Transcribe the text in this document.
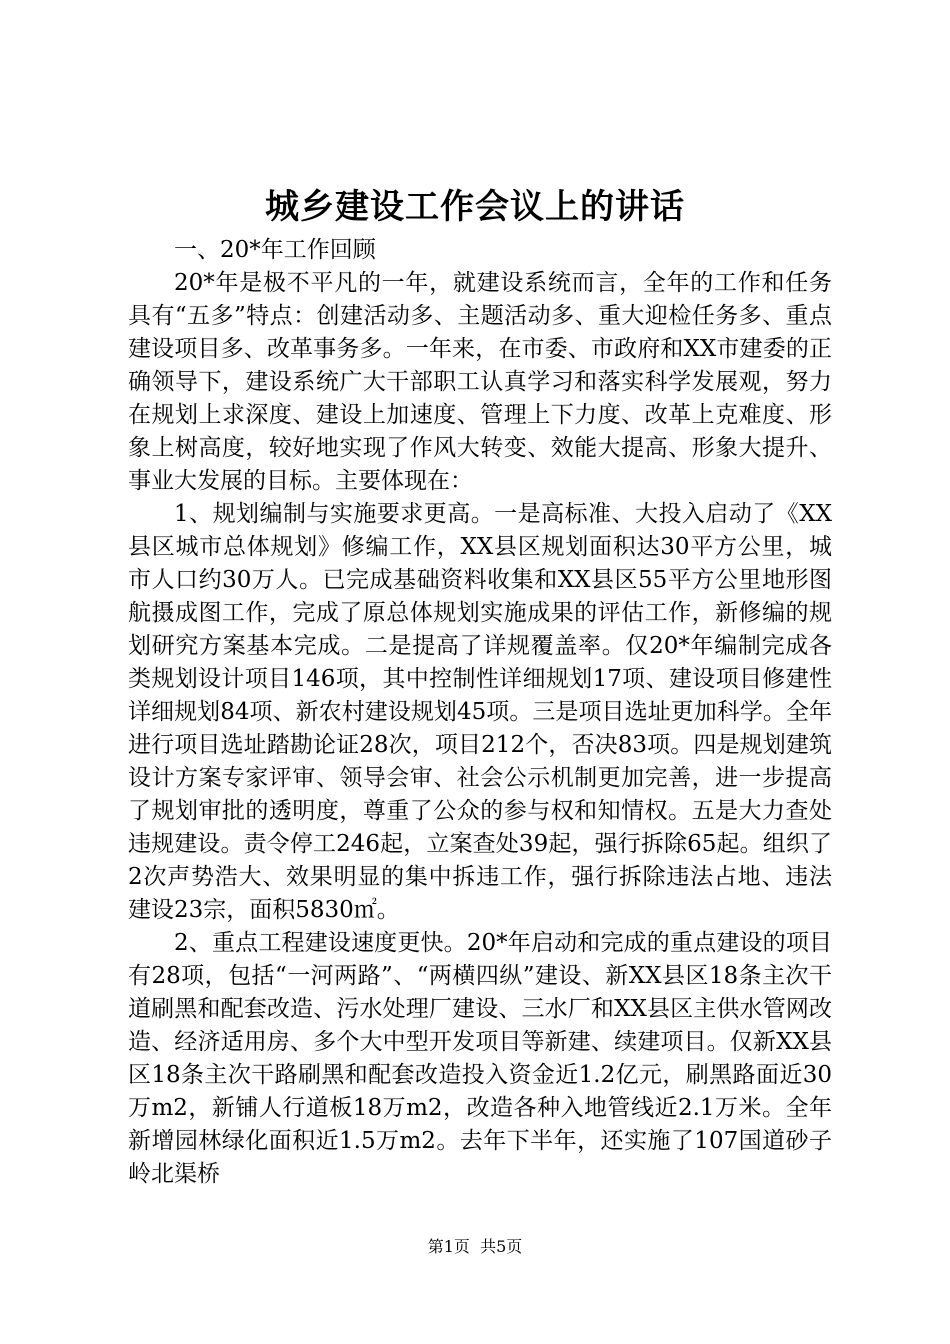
城乡建设工作会议上的讲话

一、20*年工作回顾

20*年是极不平凡的一年，就建设系统而言，全年的工作和任务具有“五多”特点：创建活动多、主题活动多、重大迎检任务多、重点建设项目多、改革事务多。一年来，在市委、市政府和XX市建委的正确领导下，建设系统广大干部职工认真学习和落实科学发展观，努力在规划上求深度、建设上加速度、管理上下力度、改革上克难度、形象上树高度，较好地实现了作风大转变、效能大提高、形象大提升、事业大发展的目标。主要体现在：

1、规划编制与实施要求更高。一是高标准、大投入启动了《XX县区城市总体规划》修编工作，XX县区规划面积达30平方公里，城市人口约30万人。已完成基础资料收集和XX县区55平方公里地形图航摄成图工作，完成了原总体规划实施成果的评估工作，新修编的规划研究方案基本完成。二是提高了详规覆盖率。仅20*年编制完成各类规划设计项目146项，其中控制性详细规划17项、建设项目修建性详细规划84项、新农村建设规划45项。三是项目选址更加科学。全年进行项目选址踏勘论证28次，项目212个，否决83项。四是规划建筑设计方案专家评审、领导会审、社会公示机制更加完善，进一步提高了规划审批的透明度，尊重了公众的参与权和知情权。五是大力查处违规建设。责令停工246起，立案查处39起，强行拆除65起。组织了2次声势浩大、效果明显的集中拆违工作，强行拆除违法占地、违法建设23宗，面积5830㎡。

2、重点工程建设速度更快。20*年启动和完成的重点建设的项目有28项，包括“一河两路”、“两横四纵”建设、新XX县区18条主次干道刷黑和配套改造、污水处理厂建设、三水厂和XX县区主供水管网改造、经济适用房、多个大中型开发项目等新建、续建项目。仅新XX县区18条主次干路刷黑和配套改造投入资金近1.2亿元，刷黑路面近30万m2，新铺人行道板18万m2，改造各种入地管线近2.1万米。全年新增园林绿化面积近1.5万m2。去年下半年，还实施了107国道砂子岭北渠桥

第1页 共5页
